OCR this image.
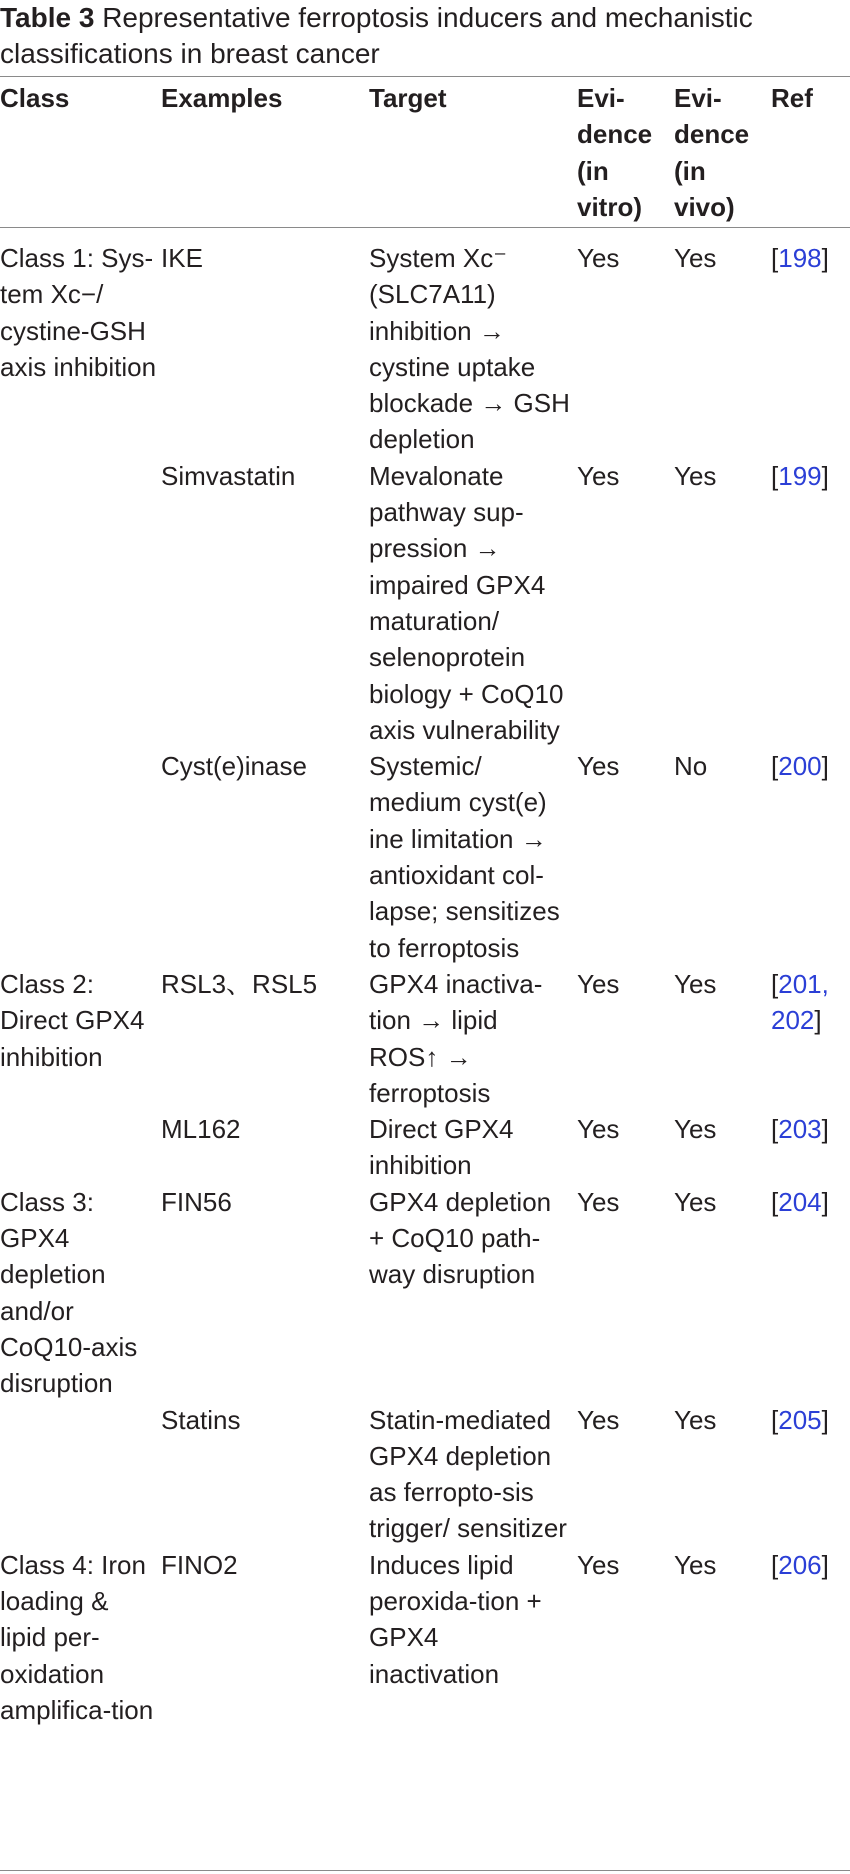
Table 3 Representative ferroptosis inducers and mechanistic classifications in breast cancer
Class	Examples	Target	Evi-dence (in vitro)	Evi-dence (in vivo)	Ref
Class 1: Sys-tem Xc−/ cystine-GSH axis inhibition	IKE	System Xc⁻ (SLC7A11) inhibition → cystine uptake blockade → GSH depletion	Yes	Yes	[198]
	Simvastatin	Mevalonate pathway sup-pression → impaired GPX4 maturation/ selenoprotein biology + CoQ10 axis vulnerability	Yes	Yes	[199]
	Cyst(e)inase	Systemic/ medium cyst(e) ine limitation → antioxidant col-lapse; sensitizes to ferroptosis	Yes	No	[200]
Class 2: Direct GPX4 inhibition	RSL3、RSL5	GPX4 inactiva-tion → lipid ROS↑ → ferroptosis	Yes	Yes	[201, 202]
	ML162	Direct GPX4 inhibition	Yes	Yes	[203]
Class 3: GPX4 depletion and/or CoQ10-axis disruption	FIN56	GPX4 depletion + CoQ10 path-way disruption	Yes	Yes	[204]
	Statins	Statin-mediated GPX4 depletion as ferropto-sis trigger/ sensitizer	Yes	Yes	[205]
Class 4: Iron loading & lipid per-oxidation amplifica-tion	FINO2	Induces lipid peroxida-tion + GPX4 inactivation	Yes	Yes	[206]
